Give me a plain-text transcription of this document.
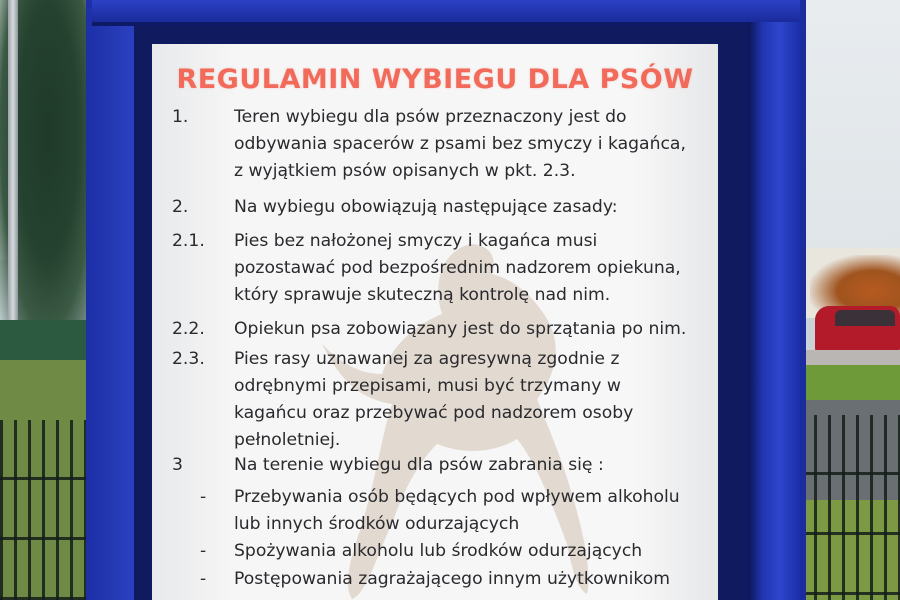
REGULAMIN WYBIEGU DLA PSÓW
1.	Teren wybiegu dla psów przeznaczony jest do
odbywania spacerów z psami bez smyczy i kagańca,
z wyjątkiem psów opisanych w pkt. 2.3.
2.	Na wybiegu obowiązują następujące zasady:
2.1.	Pies bez nałożonej smyczy i kagańca musi
pozostawać pod bezpośrednim nadzorem opiekuna,
który sprawuje skuteczną kontrolę nad nim.
2.2.	Opiekun psa zobowiązany jest do sprzątania po nim.
2.3.	Pies rasy uznawanej za agresywną zgodnie z
odrębnymi przepisami, musi być trzymany w
kagańcu oraz przebywać pod nadzorem osoby
pełnoletniej.
3	Na terenie wybiegu dla psów zabrania się :
-	Przebywania osób będących pod wpływem alkoholu
lub innych środków odurzających
-	Spożywania alkoholu lub środków odurzających
-	Postępowania zagrażającego innym użytkownikom
